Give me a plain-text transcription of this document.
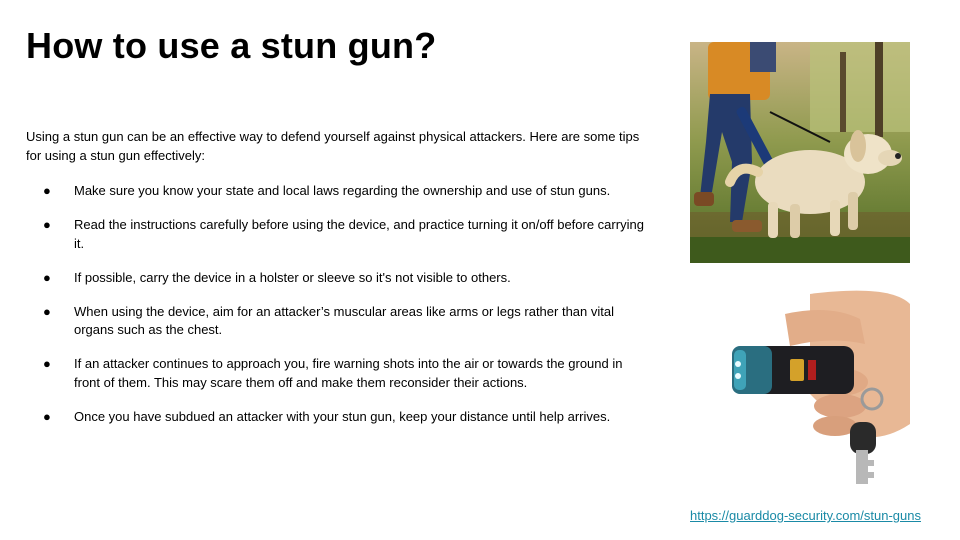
How to use a stun gun?

Using a stun gun can be an effective way to defend yourself against physical attackers. Here are some tips for using a stun gun effectively:

● Make sure you know your state and local laws regarding the ownership and use of stun guns.
● Read the instructions carefully before using the device, and practice turning it on/off before carrying it.
● If possible, carry the device in a holster or sleeve so it's not visible to others.
● When using the device, aim for an attacker’s muscular areas like arms or legs rather than vital organs such as the chest.
● If an attacker continues to approach you, fire warning shots into the air or towards the ground in front of them. This may scare them off and make them reconsider their actions.
● Once you have subdued an attacker with your stun gun, keep your distance until help arrives.
https://guarddog-security.com/stun-guns
